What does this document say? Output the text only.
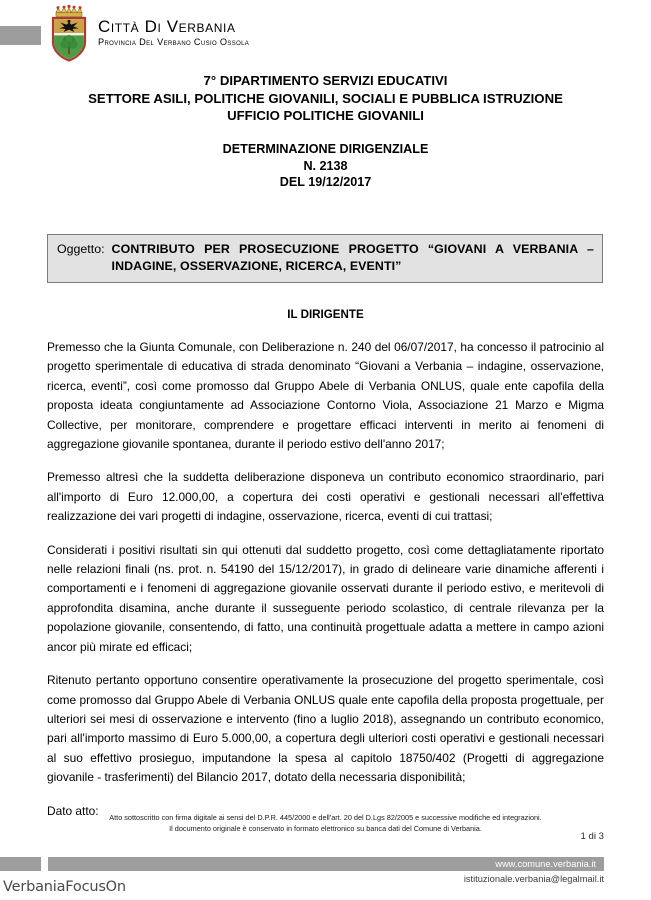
Città Di Verbania
Provincia Del Verbano Cusio Ossola
7° DIPARTIMENTO SERVIZI EDUCATIVI
SETTORE ASILI, POLITICHE GIOVANILI, SOCIALI E PUBBLICA ISTRUZIONE
UFFICIO POLITICHE GIOVANILI
DETERMINAZIONE DIRIGENZIALE
N. 2138
DEL 19/12/2017
Oggetto: CONTRIBUTO PER PROSECUZIONE PROGETTO “GIOVANI A VERBANIA – INDAGINE, OSSERVAZIONE, RICERCA, EVENTI”
IL DIRIGENTE

Premesso che la Giunta Comunale, con Deliberazione n. 240 del 06/07/2017, ha concesso il patrocinio al progetto sperimentale di educativa di strada denominato “Giovani a Verbania – indagine, osservazione, ricerca, eventi”, così come promosso dal Gruppo Abele di Verbania ONLUS, quale ente capofila della proposta ideata congiuntamente ad Associazione Contorno Viola, Associazione 21 Marzo e Migma Collective, per monitorare, comprendere e progettare efficaci interventi in merito ai fenomeni di aggregazione giovanile spontanea, durante il periodo estivo dell'anno 2017;

Premesso altresì che la suddetta deliberazione disponeva un contributo economico straordinario, pari all'importo di Euro 12.000,00, a copertura dei costi operativi e gestionali necessari all'effettiva realizzazione dei vari progetti di indagine, osservazione, ricerca, eventi di cui trattasi;

Considerati i positivi risultati sin qui ottenuti dal suddetto progetto, così come dettagliatamente riportato nelle relazioni finali (ns. prot. n. 54190 del 15/12/2017), in grado di delineare varie dinamiche afferenti i comportamenti e i fenomeni di aggregazione giovanile osservati durante il periodo estivo, e meritevoli di approfondita disamina, anche durante il susseguente periodo scolastico, di centrale rilevanza per la popolazione giovanile, consentendo, di fatto, una continuità progettuale adatta a mettere in campo azioni ancor più mirate ed efficaci;

Ritenuto pertanto opportuno consentire operativamente la prosecuzione del progetto sperimentale, così come promosso dal Gruppo Abele di Verbania ONLUS quale ente capofila della proposta progettuale, per ulteriori sei mesi di osservazione e intervento (fino a luglio 2018), assegnando un contributo economico, pari all'importo massimo di Euro 5.000,00, a copertura degli ulteriori costi operativi e gestionali necessari al suo effettivo prosieguo, imputandone la spesa al capitolo 18750/402 (Progetti di aggregazione giovanile - trasferimenti) del Bilancio 2017, dotato della necessaria disponibilità;

Dato atto:	Atto sottoscritto con firma digitale ai sensi del D.P.R. 445/2000 e dell'art. 20 del D.Lgs 82/2005 e successive modifiche ed integrazioni.
Il documento originale è conservato in formato elettronico su banca dati del Comune di Verbania.
1 di 3
www.comune.verbania.it
istituzionale.verbania@legalmail.it
VerbaniaFocusOn
